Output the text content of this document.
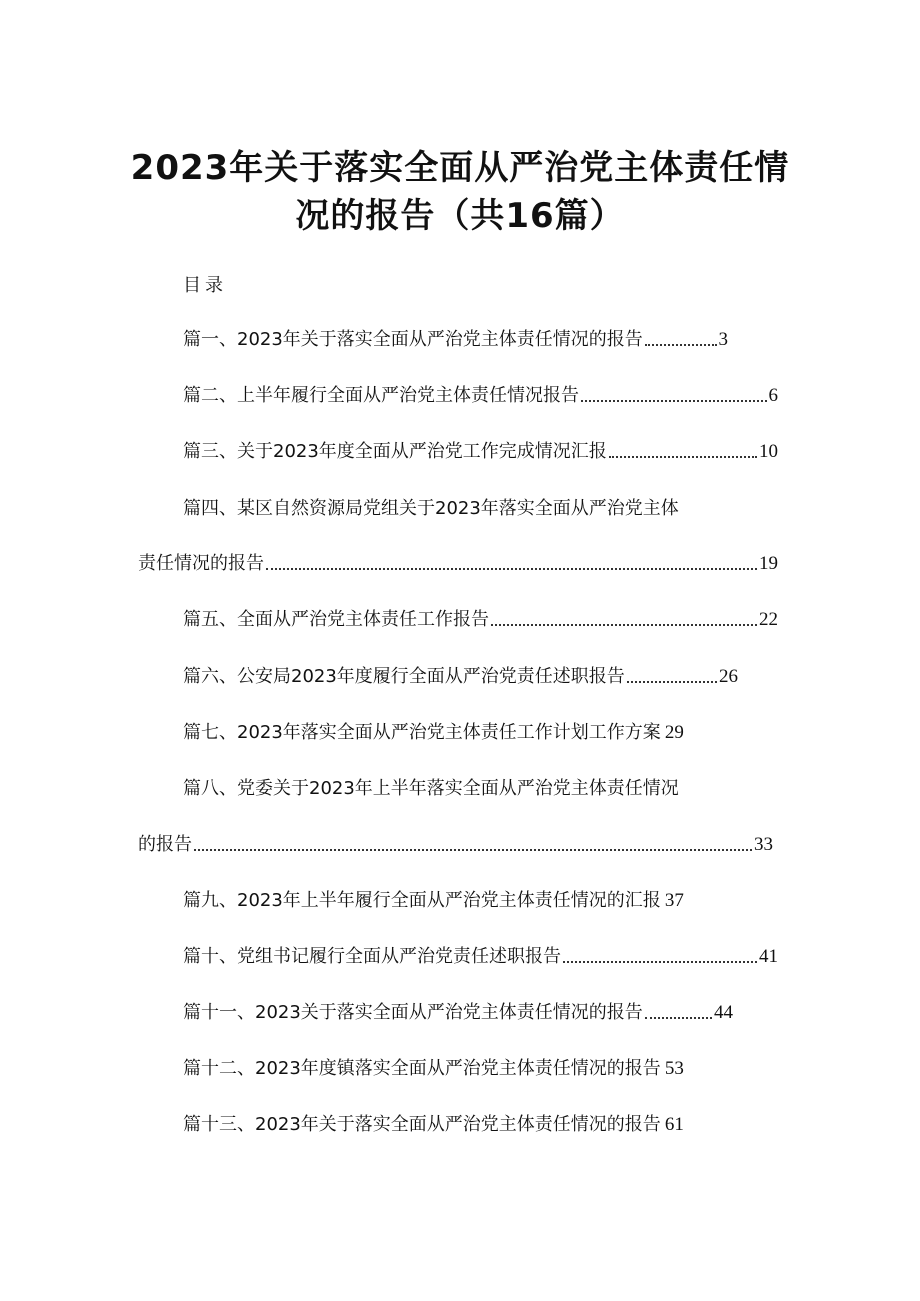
2023年关于落实全面从严治党主体责任情
况的报告（共16篇）
目录
篇一、2023年关于落实全面从严治党主体责任情况的报告	3
篇二、上半年履行全面从严治党主体责任情况报告	6
篇三、关于2023年度全面从严治党工作完成情况汇报	10
篇四、某区自然资源局党组关于2023年落实全面从严治党主体
责任情况的报告	19
篇五、全面从严治党主体责任工作报告	22
篇六、公安局2023年度履行全面从严治党责任述职报告	26
篇七、2023年落实全面从严治党主体责任工作计划工作方案 29
篇八、党委关于2023年上半年落实全面从严治党主体责任情况
的报告	33
篇九、2023年上半年履行全面从严治党主体责任情况的汇报 37
篇十、党组书记履行全面从严治党责任述职报告	41
篇十一、2023关于落实全面从严治党主体责任情况的报告	44
篇十二、2023年度镇落实全面从严治党主体责任情况的报告 53
篇十三、2023年关于落实全面从严治党主体责任情况的报告 61
